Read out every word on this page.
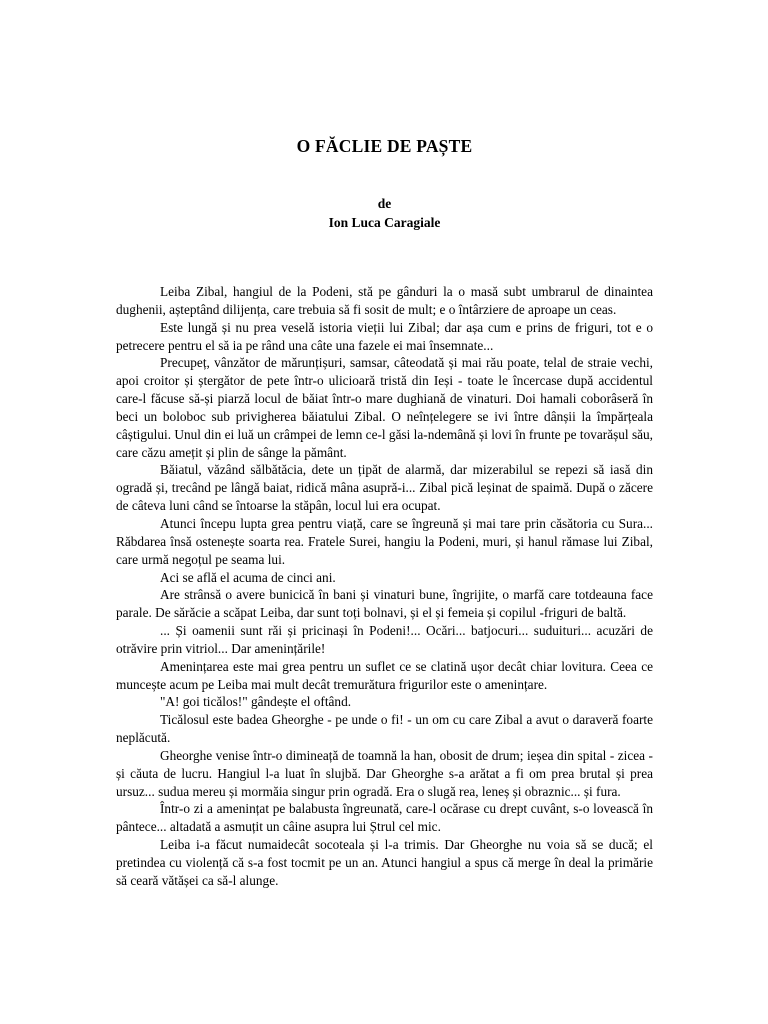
O FĂCLIE DE PAȘTE
de
Ion Luca Caragiale

Leiba Zibal, hangiul de la Podeni, stă pe gânduri la o masă subt umbrarul de dinaintea dughenii, așteptând dilijența, care trebuia să fi sosit de mult; e o întârziere de aproape un ceas.

Este lungă și nu prea veselă istoria vieții lui Zibal; dar așa cum e prins de friguri, tot e o petrecere pentru el să ia pe rând una câte una fazele ei mai însemnate...

Precupeț, vânzător de mărunțișuri, samsar, câteodată și mai rău poate, telal de straie vechi, apoi croitor și ștergător de pete într-o ulicioară tristă din Ieși - toate le încercase după accidentul care-l făcuse să-și piarză locul de băiat într-o mare dughiană de vinaturi. Doi hamali coborâseră în beci un boloboc sub privigherea băiatului Zibal. O neînțelegere se ivi între dânșii la împărțeala câștigului. Unul din ei luă un crâmpei de lemn ce-l găsi la-ndemână și lovi în frunte pe tovarășul său, care căzu amețit și plin de sânge la pământ.

Băiatul, văzând sălbătăcia, dete un țipăt de alarmă, dar mizerabilul se repezi să iasă din ogradă și, trecând pe lângă baiat, ridică mâna asupră-i... Zibal pică leșinat de spaimă. După o zăcere de câteva luni când se întoarse la stăpân, locul lui era ocupat.

Atunci începu lupta grea pentru viață, care se îngreună și mai tare prin căsătoria cu Sura... Răbdarea însă ostenește soarta rea. Fratele Surei, hangiu la Podeni, muri, și hanul rămase lui Zibal, care urmă negoțul pe seama lui.

Aci se află el acuma de cinci ani.

Are strânsă o avere bunicică în bani și vinaturi bune, îngrijite, o marfă care totdeauna face parale. De sărăcie a scăpat Leiba, dar sunt toți bolnavi, și el și femeia și copilul -friguri de baltă.

... Și oamenii sunt răi și pricinași în Podeni!... Ocări... batjocuri... suduituri... acuzări de otrăvire prin vitriol... Dar amenințările!

Amenințarea este mai grea pentru un suflet ce se clatină ușor decât chiar lovitura. Ceea ce muncește acum pe Leiba mai mult decât tremurătura frigurilor este o amenințare.

"A! goi ticălos!" gândește el oftând.

Ticălosul este badea Gheorghe - pe unde o fi! - un om cu care Zibal a avut o daraveră foarte neplăcută.

Gheorghe venise într-o dimineață de toamnă la han, obosit de drum; ieșea din spital - zicea - și căuta de lucru. Hangiul l-a luat în slujbă. Dar Gheorghe s-a arătat a fi om prea brutal și prea ursuz... sudua mereu și mormăia singur prin ogradă. Era o slugă rea, leneș și obraznic... și fura.

Într-o zi a amenințat pe balabusta îngreunată, care-l ocărase cu drept cuvânt, s-o lovească în pântece... altadată a asmuțit un câine asupra lui Ștrul cel mic.

Leiba i-a făcut numaidecât socoteala și l-a trimis. Dar Gheorghe nu voia să se ducă; el pretindea cu violență că s-a fost tocmit pe un an. Atunci hangiul a spus că merge în deal la primărie să ceară vătășei ca să-l alunge.
